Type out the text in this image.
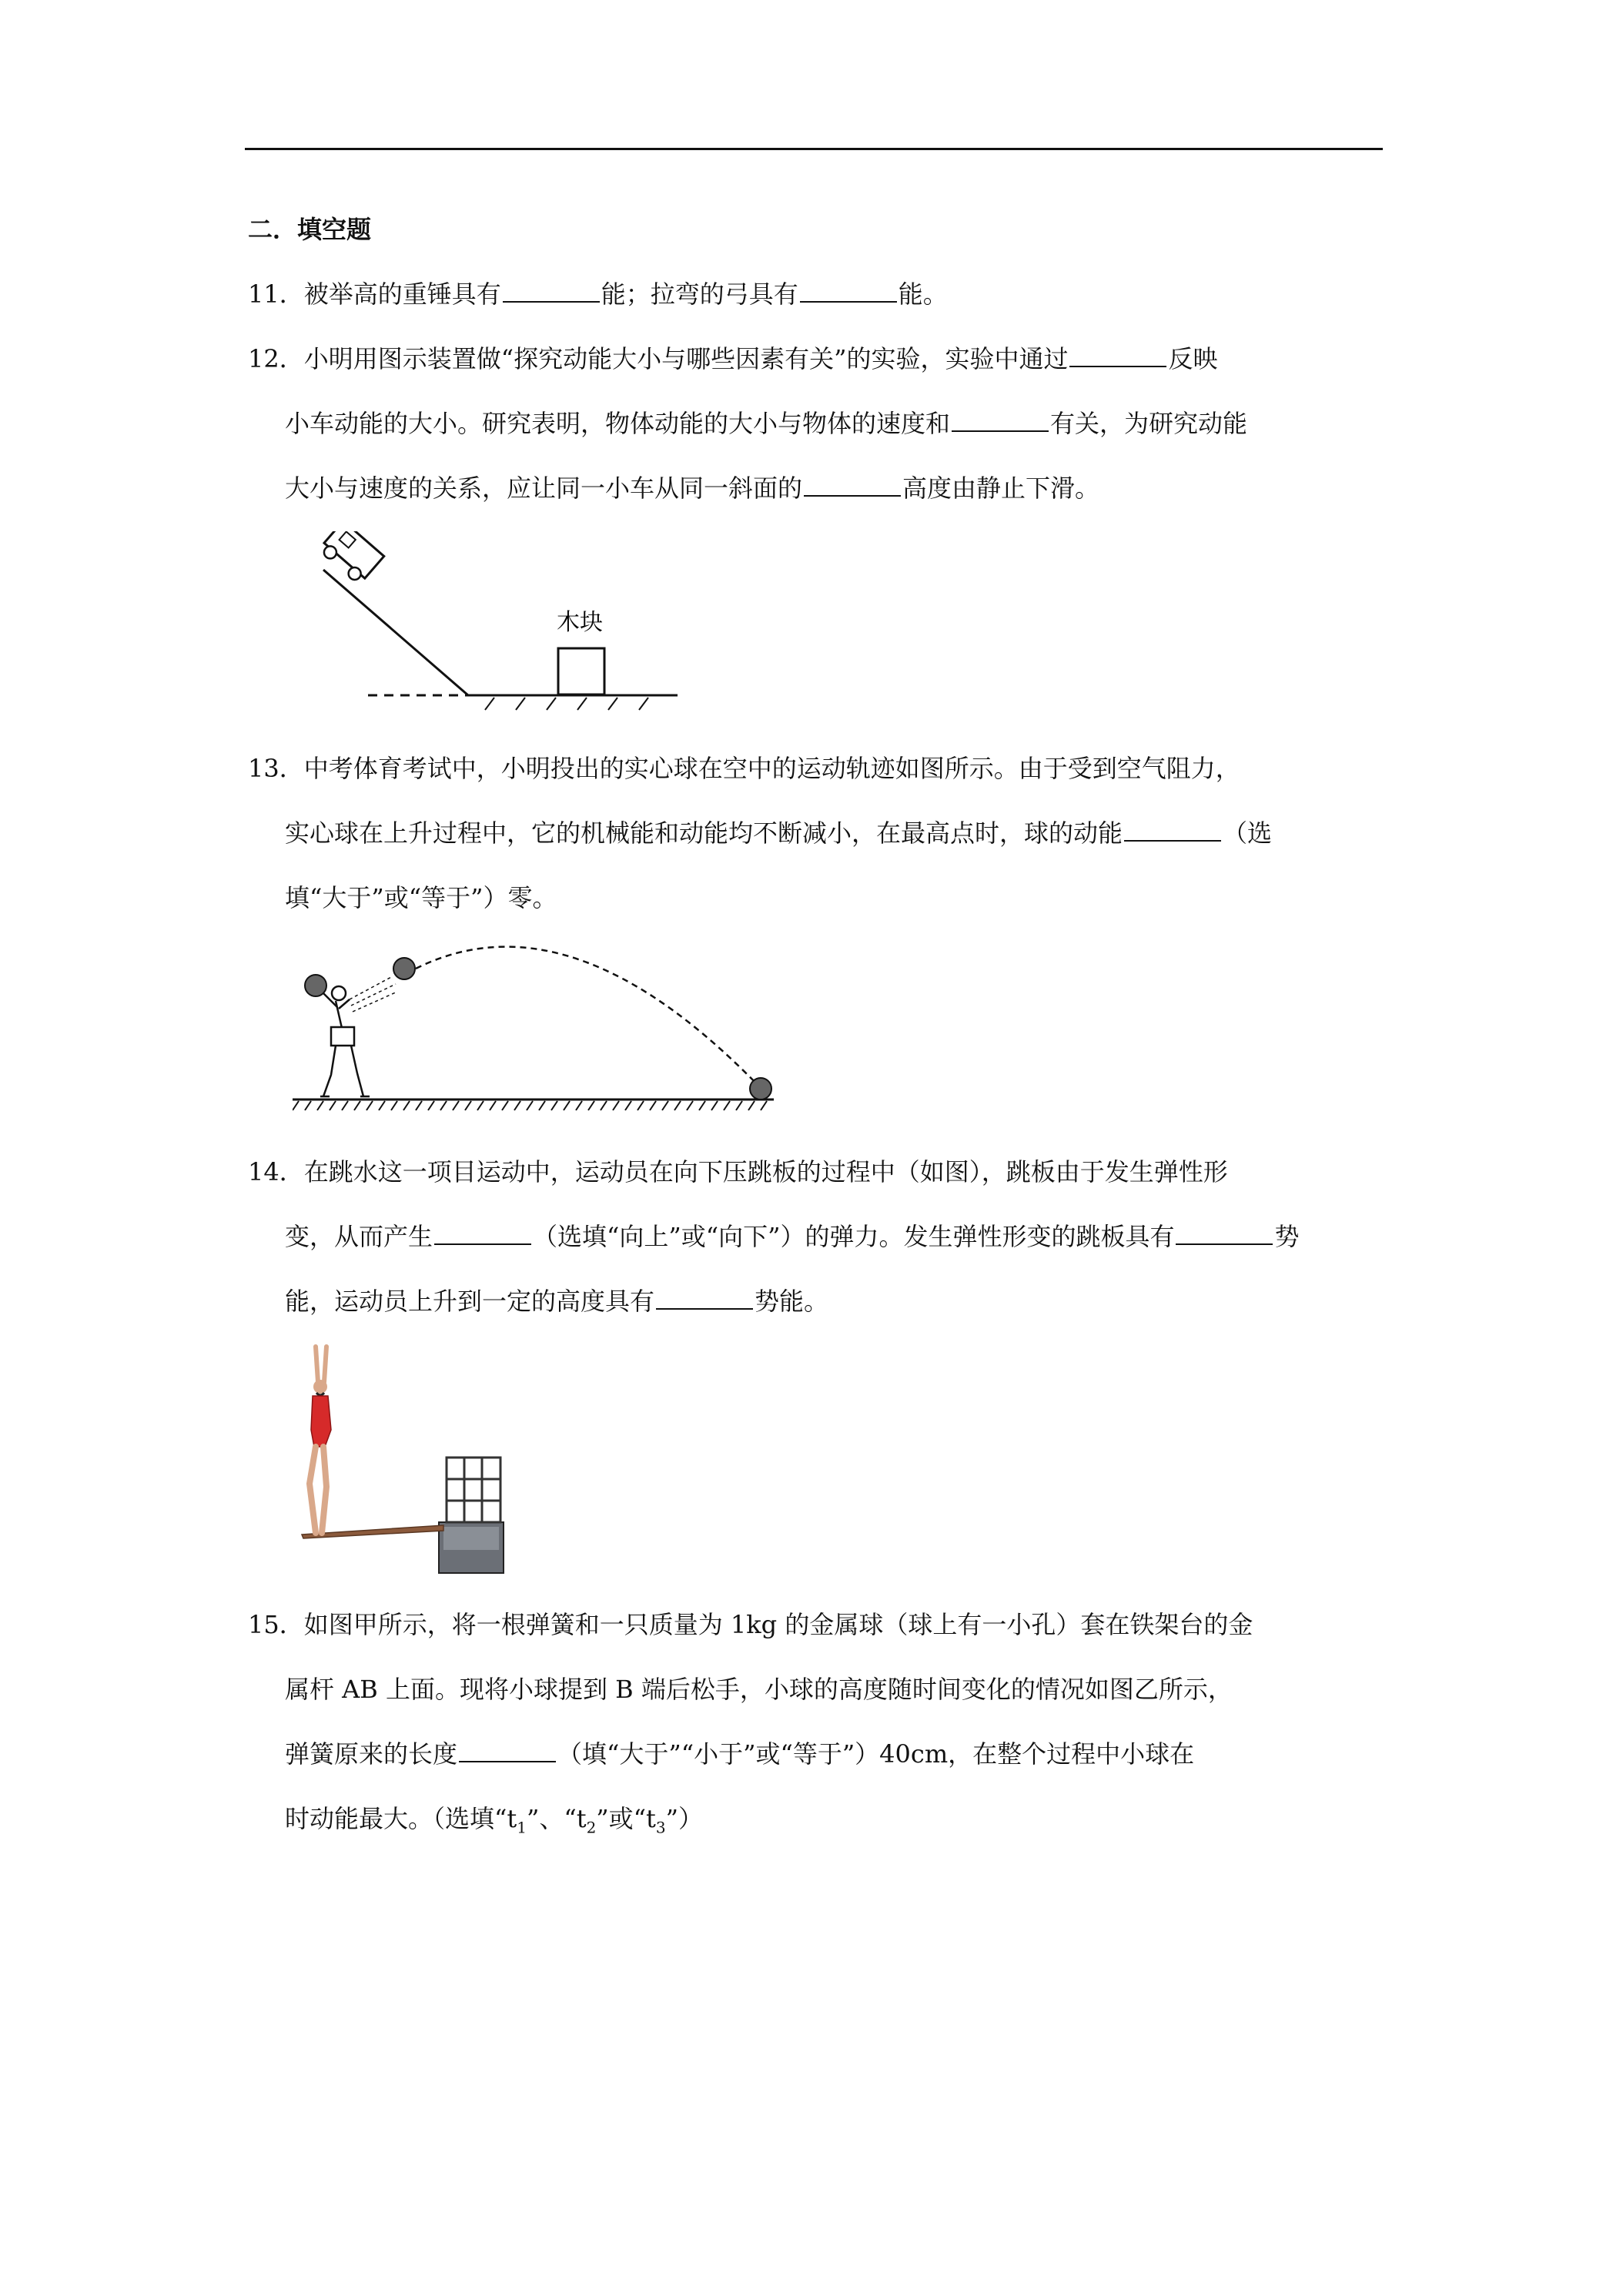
二．填空题

11．被举高的重锤具有	能；拉弯的弓具有	能。

12．小明用图示装置做“探究动能大小与哪些因素有关”的实验，实验中通过	反映

小车动能的大小。研究表明，物体动能的大小与物体的速度和	有关，为研究动能

大小与速度的关系，应让同一小车从同一斜面的	高度由静止下滑。

木块

13．中考体育考试中，小明投出的实心球在空中的运动轨迹如图所示。由于受到空气阻力，

实心球在上升过程中，它的机械能和动能均不断减小，在最高点时，球的动能	（选

填“大于”或“等于”）零。

14．在跳水这一项目运动中，运动员在向下压跳板的过程中（如图），跳板由于发生弹性形

变，从而产生	（选填“向上”或“向下”）的弹力。发生弹性形变的跳板具有	势

能，运动员上升到一定的高度具有	势能。

15．如图甲所示，将一根弹簧和一只质量为 1kg 的金属球（球上有一小孔）套在铁架台的金

属杆 AB 上面。现将小球提到 B 端后松手，小球的高度随时间变化的情况如图乙所示，

弹簧原来的长度	（填“大于”“小于”或“等于”）40cm，在整个过程中小球在

时动能最大。（选填“$t_1$”、“$t_2$”或“$t_3$”）
